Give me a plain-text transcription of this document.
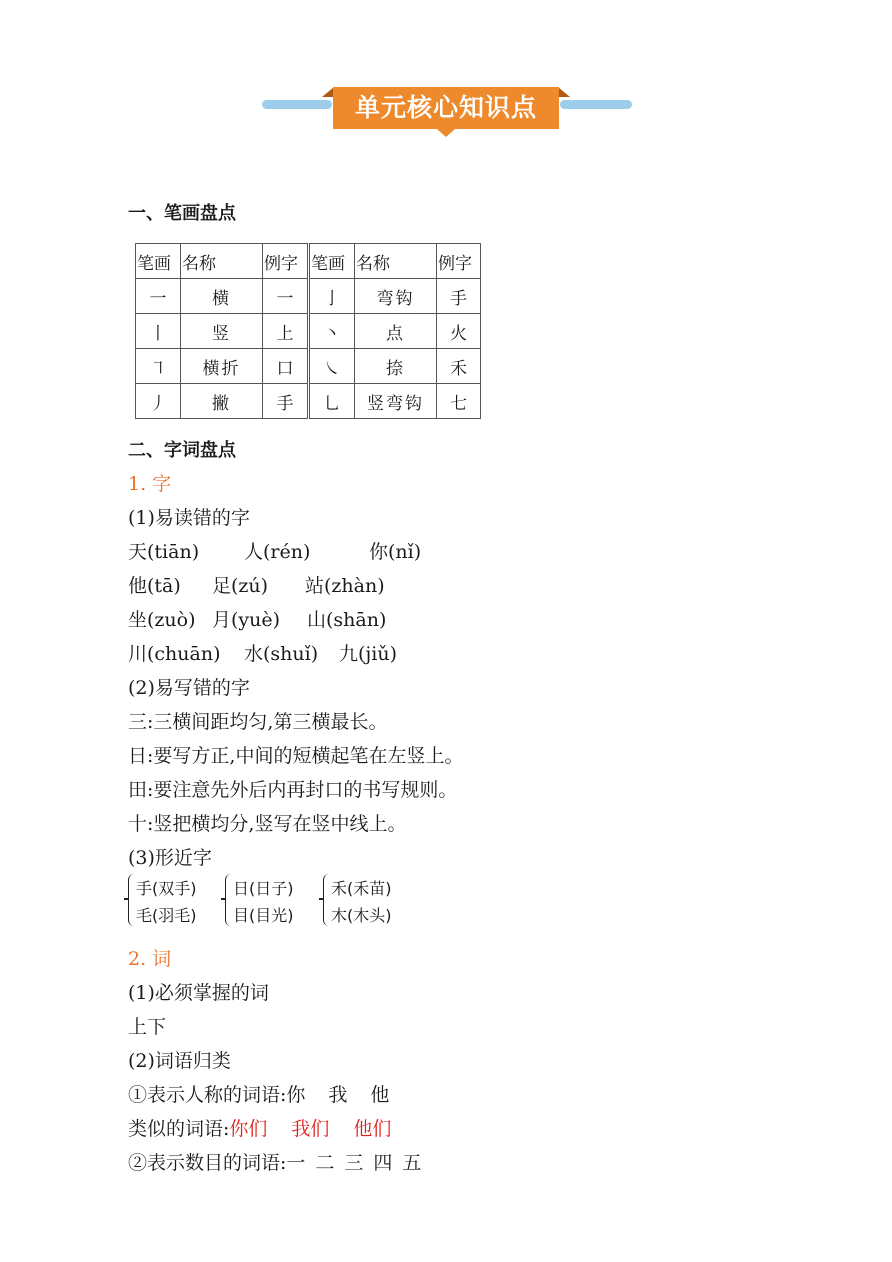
单元核心知识点
一、笔画盘点
笔画	名称	例字	笔画	名称	例字
一	横	一	亅	弯钩	手
丨	竖	上	丶	点	火
㇕	横折	口	㇏	捺	禾
丿	撇	手	乚	竖弯钩	七
二、字词盘点
1. 字
(1)易读错的字
天(tiān) 人(rén)	你(nǐ)
他(tā) 足(zú) 站(zhàn)
坐(zuò) 月(yuè) 山(shān)
川(chuān) 水(shuǐ) 九(jiǔ)
(2)易写错的字
三:三横间距均匀,第三横最长。
日:要写方正,中间的短横起笔在左竖上。
田:要注意先外后内再封口的书写规则。
十:竖把横均分,竖写在竖中线上。
(3)形近字
手(双手)
毛(羽毛)
日(日子)
目(目光)
禾(禾苗)
木(木头)
2. 词
(1)必须掌握的词
上下
(2)词语归类
①表示人称的词语:你 我 他
类似的词语:你们 我们 他们
②表示数目的词语:一 二 三 四 五
